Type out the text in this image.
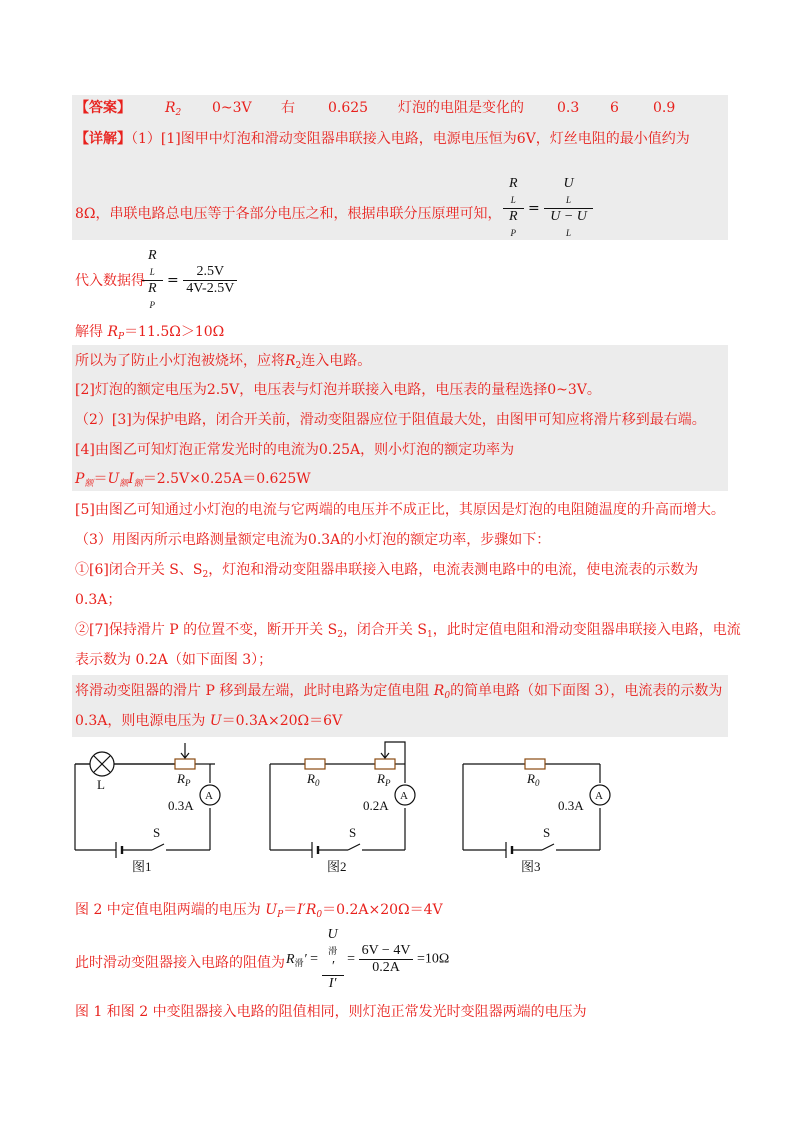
【答案】 $R_2$ 0~3V 右 0.625 灯泡的电阻是变化的 0.3 6 0.9
【详解】（1）[1]图甲中灯泡和滑动变阻器串联接入电路，电源电压恒为6V，灯丝电阻的最小值约为
8Ω，串联电路总电压等于各部分电压之和，根据串联分压原理可知， R
L
R
P = U
L
U − U
L
代入数据得
R
L
R
$P = \frac{2.5V}{4V-2.5V}$
解得 $R_P=11.5\Omega>10\Omega$
所以为了防止小灯泡被烧坏，应将$R_2$连入电路。
[2]灯泡的额定电压为2.5V，电压表与灯泡并联接入电路，电压表的量程选择0~3V。
（2）[3]为保护电路，闭合开关前，滑动变阻器应位于阻值最大处，由图甲可知应将滑片移到最右端。
[4]由图乙可知灯泡正常发光时的电流为0.25A，则小灯泡的额定功率为
$P_额=U_额I_额=2.5V\times 0.25A=0.625W$
[5]由图乙可知通过小灯泡的电流与它两端的电压并不成正比，其原因是灯泡的电阻随温度的升高而增大。
（3）用图丙所示电路测量额定电流为0.3A的小灯泡的额定功率，步骤如下：
①[6]闭合开关 S、$S_2$，灯泡和滑动变阻器串联接入电路，电流表测电路中的电流，使电流表的示数为
0.3A；
②[7]保持滑片 P 的位置不变，断开开关 $S_2$，闭合开关 $S_1$，此时定值电阻和滑动变阻器串联接入电路，电流
表示数为 0.2A（如下面图 3）；
将滑动变阻器的滑片 P 移到最左端，此时电路为定值电阻 $R_0$的简单电路（如下面图 3），电流表的示数为
0.3A，则电源电压为 U＝0.3A×20Ω＝6V
L	$R_P$
A
0.3A
S
图1
$R_0$	$R_P$
A
0.2A
S
图2
$R_0$
A
0.3A
S
图3
图 2 中定值电阻两端的电压为 $U_P=I'R_0=0.2A\times 20\Omega=4V$
此时滑动变阻器接入电路的阻值为 $R_滑' = U$
滑
′
$I' = \frac{6V - 4V}{0.2A} =10\Omega$
图 1 和图 2 中变阻器接入电路的阻值相同，则灯泡正常发光时变阻器两端的电压为
